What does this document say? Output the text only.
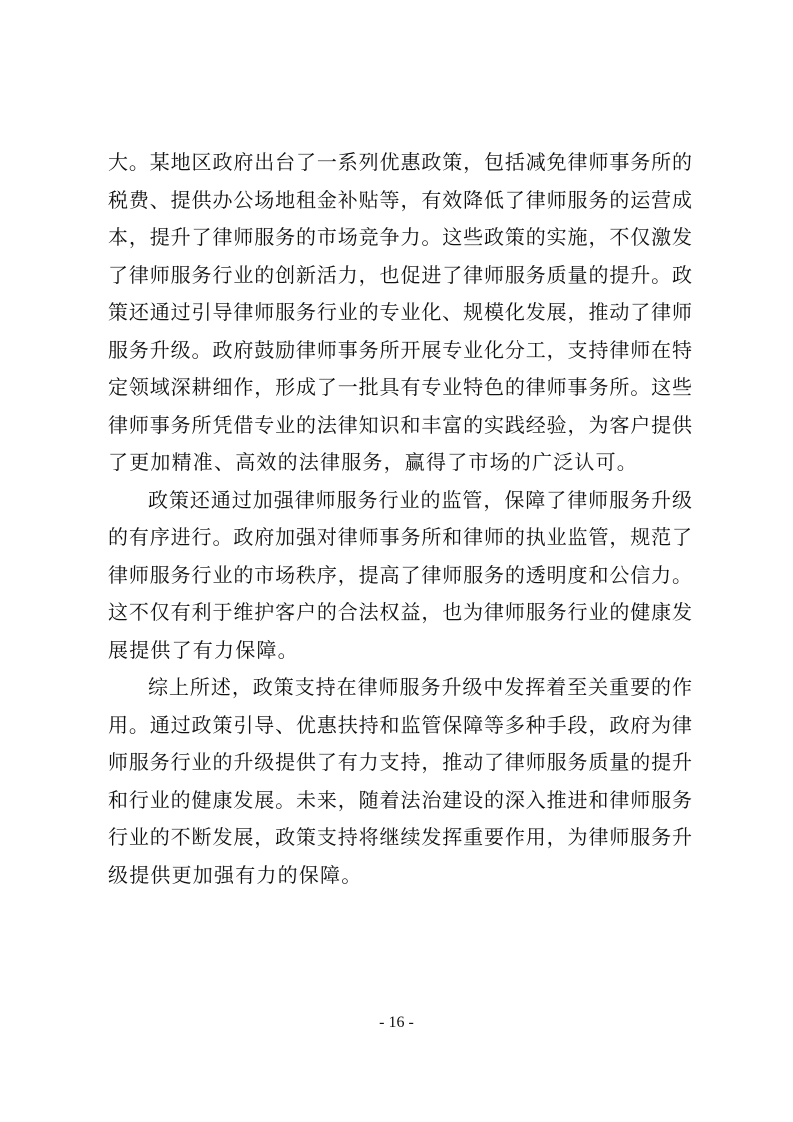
大。某地区政府出台了一系列优惠政策，包括减免律师事务所的
税费、提供办公场地租金补贴等，有效降低了律师服务的运营成
本，提升了律师服务的市场竞争力。这些政策的实施，不仅激发
了律师服务行业的创新活力，也促进了律师服务质量的提升。政
策还通过引导律师服务行业的专业化、规模化发展，推动了律师
服务升级。政府鼓励律师事务所开展专业化分工，支持律师在特
定领域深耕细作，形成了一批具有专业特色的律师事务所。这些
律师事务所凭借专业的法律知识和丰富的实践经验，为客户提供
了更加精准、高效的法律服务，赢得了市场的广泛认可。
政策还通过加强律师服务行业的监管，保障了律师服务升级
的有序进行。政府加强对律师事务所和律师的执业监管，规范了
律师服务行业的市场秩序，提高了律师服务的透明度和公信力。
这不仅有利于维护客户的合法权益，也为律师服务行业的健康发
展提供了有力保障。
综上所述，政策支持在律师服务升级中发挥着至关重要的作
用。通过政策引导、优惠扶持和监管保障等多种手段，政府为律
师服务行业的升级提供了有力支持，推动了律师服务质量的提升
和行业的健康发展。未来，随着法治建设的深入推进和律师服务
行业的不断发展，政策支持将继续发挥重要作用，为律师服务升
级提供更加强有力的保障。
- 16 -
